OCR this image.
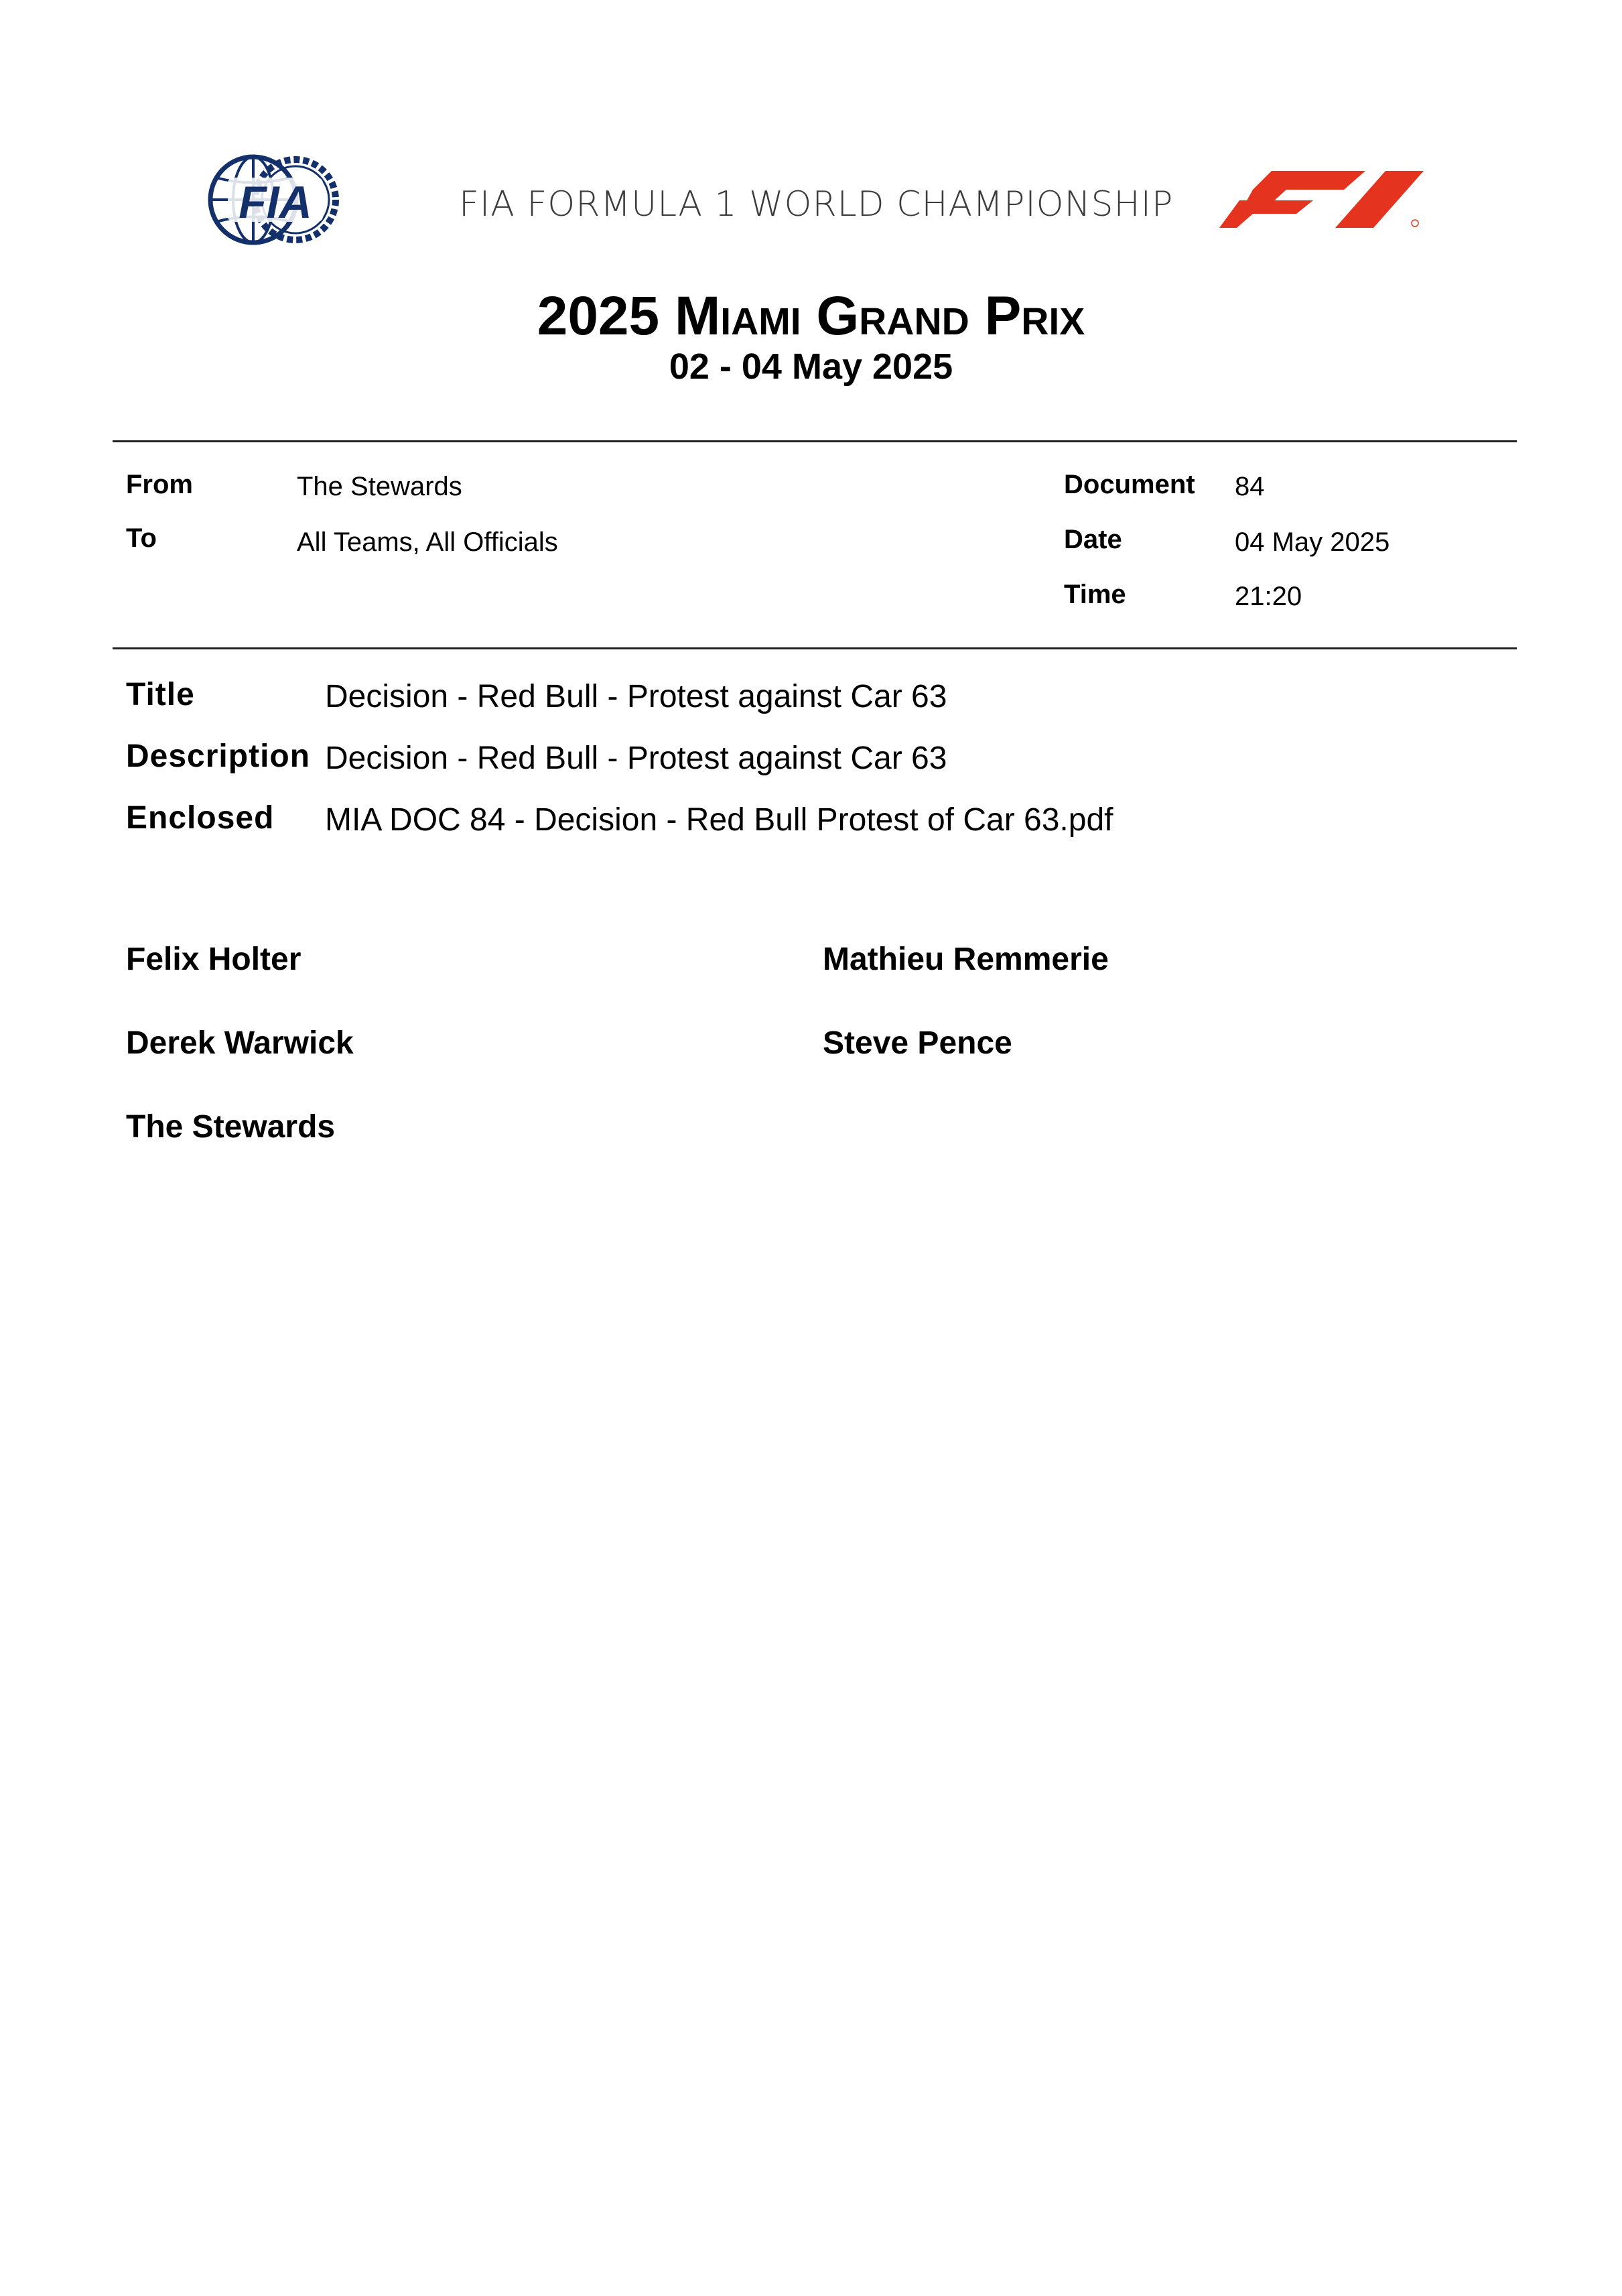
FIA	FIA FORMULA 1 WORLD CHAMPIONSHIP
2025 Miami Grand Prix
02 - 04 May 2025
From	The Stewards
To	All Teams, All Officials
Document 84
Date	04 May 2025
Time	21:20
Title	Decision - Red Bull - Protest against Car 63
Description Decision - Red Bull - Protest against Car 63
Enclosed MIA DOC 84 - Decision - Red Bull Protest of Car 63.pdf
Felix Holter
Derek Warwick
The Stewards
Mathieu Remmerie
Steve Pence
